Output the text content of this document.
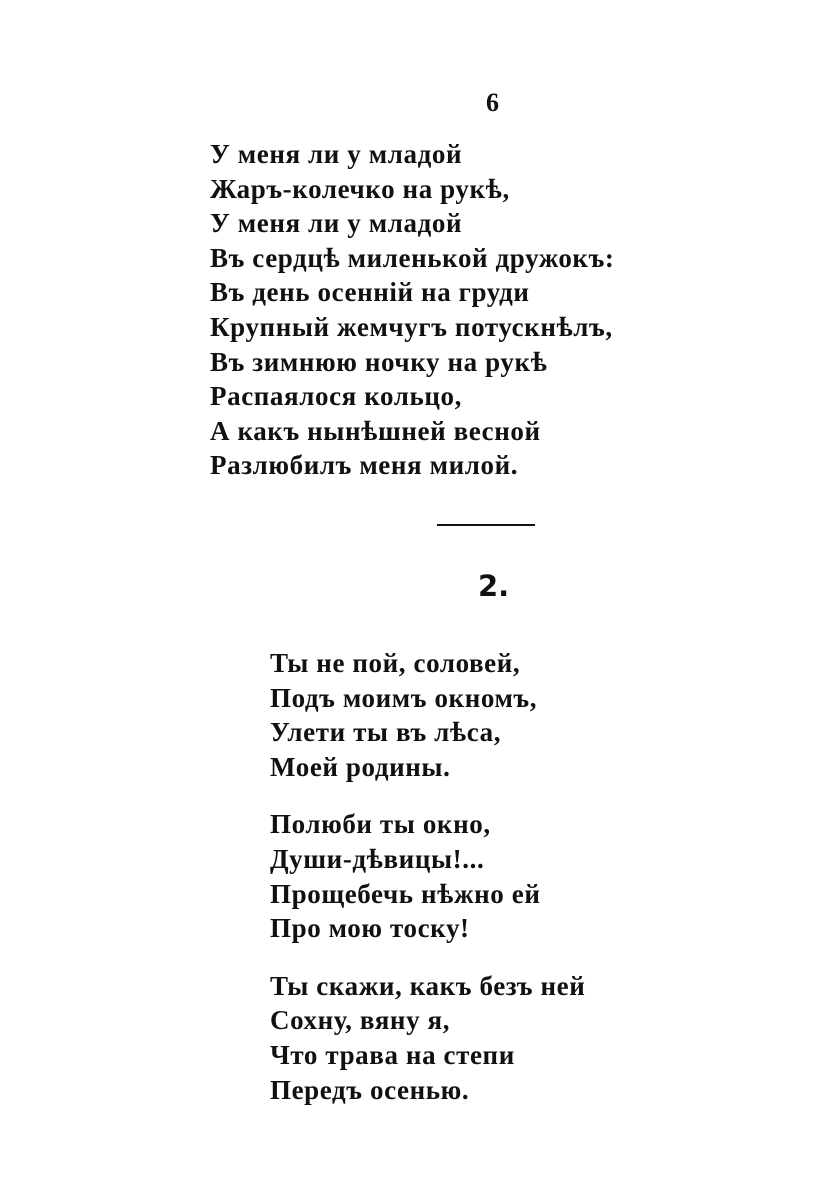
6
У меня ли у младой
Жаръ-колечко на рукѣ,
У меня ли у младой
Въ сердцѣ миленькой дружокъ:
Въ день осеннiй на груди
Крупный жемчугъ потускнѣлъ,
Въ зимнюю ночку на рукѣ
Распаялося кольцо,
А какъ нынѣшней весной
Разлюбилъ меня милой.
2.
Ты не пой, соловей,
Подъ моимъ окномъ,
Улети ты въ лѣса,
Моей родины.
Полюби ты окно,
Души-дѣвицы!...
Прощебечь нѣжно ей
Про мою тоску!
Ты скажи, какъ безъ ней
Сохну, вяну я,
Что трава на степи
Передъ осенью.
